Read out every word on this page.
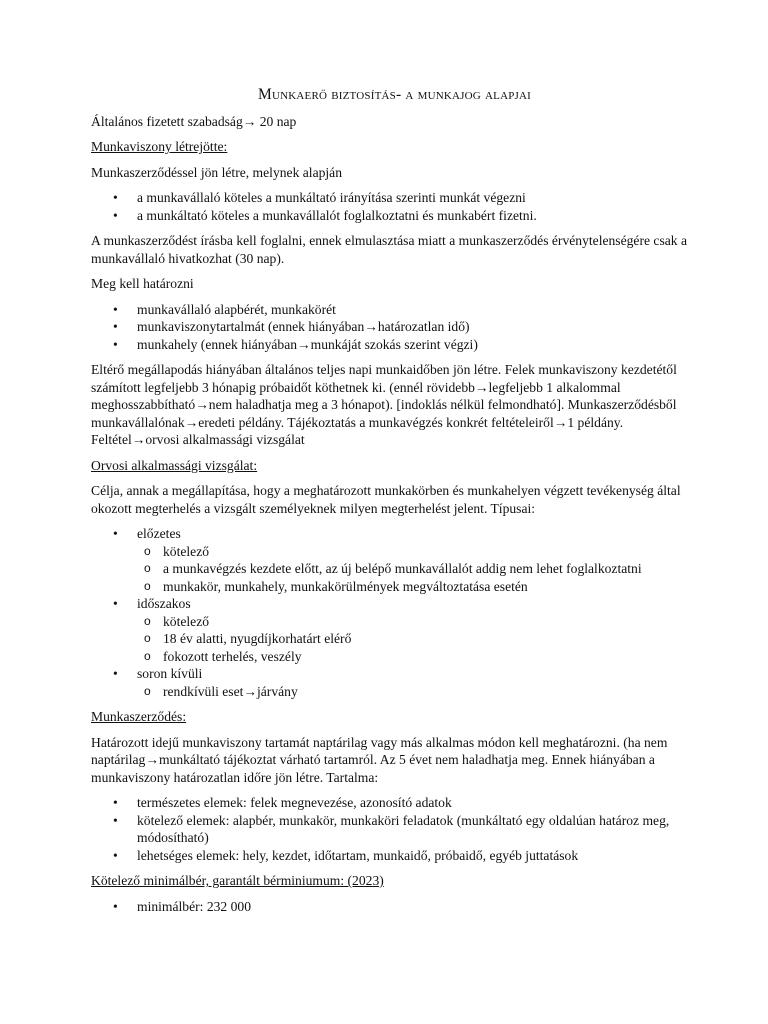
Munkaerő biztosítás- a munkajog alapjai

Általános fizetett szabadság→ 20 nap

Munkaviszony létrejötte:

Munkaszerződéssel jön létre, melynek alapján

• a munkavállaló köteles a munkáltató irányítása szerinti munkát végezni
• a munkáltató köteles a munkavállalót foglalkoztatni és munkabért fizetni.

A munkaszerződést írásba kell foglalni, ennek elmulasztása miatt a munkaszerződés érvénytelenségére csak a munkavállaló hivatkozhat (30 nap).

Meg kell határozni

• munkavállaló alapbérét, munkakörét
• munkaviszonytartalmát (ennek hiányában→határozatlan idő)
• munkahely (ennek hiányában→munkáját szokás szerint végzi)

Eltérő megállapodás hiányában általános teljes napi munkaidőben jön létre. Felek munkaviszony kezdetétől számított legfeljebb 3 hónapig próbaidőt köthetnek ki. (ennél rövidebb→legfeljebb 1 alkalommal meghosszabbítható→nem haladhatja meg a 3 hónapot). [indoklás nélkül felmondható]. Munkaszerződésből munkavállalónak→eredeti példány. Tájékoztatás a munkavégzés konkrét feltételeiről→1 példány. Feltétel→orvosi alkalmassági vizsgálat

Orvosi alkalmassági vizsgálat:

Célja, annak a megállapítása, hogy a meghatározott munkakörben és munkahelyen végzett tevékenység által okozott megterhelés a vizsgált személyeknek milyen megterhelést jelent. Típusai:

• előzetes
o kötelező
o a munkavégzés kezdete előtt, az új belépő munkavállalót addig nem lehet foglalkoztatni
o munkakör, munkahely, munkakörülmények megváltoztatása esetén
• időszakos
o kötelező
o 18 év alatti, nyugdíjkorhatárt elérő
o fokozott terhelés, veszély
• soron kívüli
o rendkívüli eset→járvány

Munkaszerződés:

Határozott idejű munkaviszony tartamát naptárilag vagy más alkalmas módon kell meghatározni. (ha nem naptárilag→munkáltató tájékoztat várható tartamról. Az 5 évet nem haladhatja meg. Ennek hiányában a munkaviszony határozatlan időre jön létre. Tartalma:

• természetes elemek: felek megnevezése, azonosító adatok
• kötelező elemek: alapbér, munkakör, munkaköri feladatok (munkáltató egy oldalúan határoz meg, módosítható)
• lehetséges elemek: hely, kezdet, időtartam, munkaidő, próbaidő, egyéb juttatások

Kötelező minimálbér, garantált bérminiumum: (2023)

• minimálbér: 232 000
